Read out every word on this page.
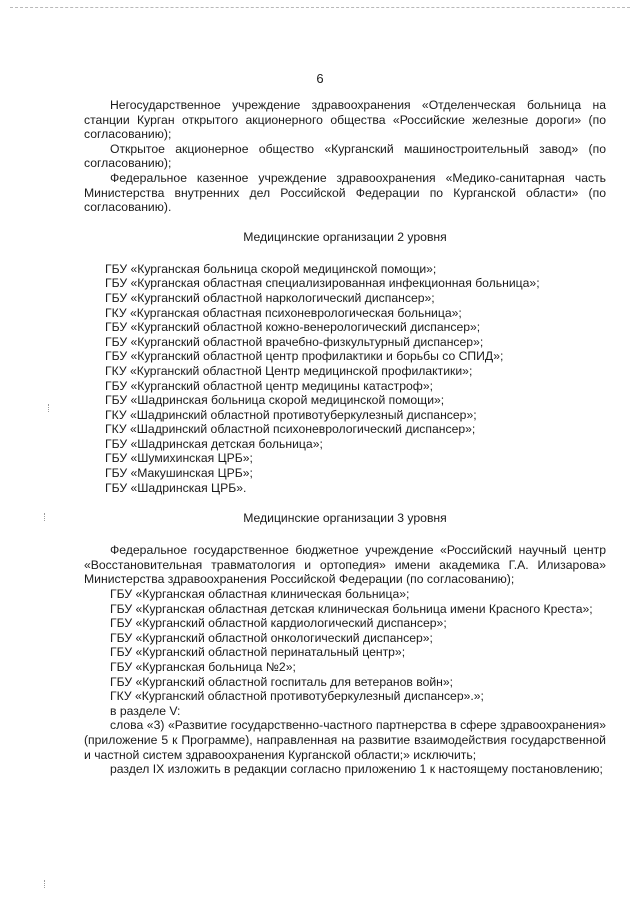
6

Негосударственное учреждение здравоохранения «Отделенческая больница на станции Курган открытого акционерного общества «Российские железные дороги» (по согласованию);

Открытое акционерное общество «Курганский машиностроительный завод» (по согласованию);

Федеральное казенное учреждение здравоохранения «Медико-санитарная часть Министерства внутренних дел Российской Федерации по Курганской области» (по согласованию).

Медицинские организации 2 уровня
ГБУ «Курганская больница скорой медицинской помощи»;
ГБУ «Курганская областная специализированная инфекционная больница»;
ГБУ «Курганский областной наркологический диспансер»;
ГКУ «Курганская областная психоневрологическая больница»;
ГБУ «Курганский областной кожно-венерологический диспансер»;
ГБУ «Курганский областной врачебно-физкультурный диспансер»;
ГБУ «Курганский областной центр профилактики и борьбы со СПИД»;
ГКУ «Курганский областной Центр медицинской профилактики»;
ГБУ «Курганский областной центр медицины катастроф»;
ГБУ «Шадринская больница скорой медицинской помощи»;
ГКУ «Шадринский областной противотуберкулезный диспансер»;
ГКУ «Шадринский областной психоневрологический диспансер»;
ГБУ «Шадринская детская больница»;
ГБУ «Шумихинская ЦРБ»;
ГБУ «Макушинская ЦРБ»;
ГБУ «Шадринская ЦРБ».
Медицинские организации 3 уровня

Федеральное государственное бюджетное учреждение «Российский научный центр «Восстановительная травматология и ортопедия» имени академика Г.А. Илизарова» Министерства здравоохранения Российской Федерации (по согласованию);

ГБУ «Курганская областная клиническая больница»;

ГБУ «Курганская областная детская клиническая больница имени Красного Креста»;

ГБУ «Курганский областной кардиологический диспансер»;

ГБУ «Курганский областной онкологический диспансер»;

ГБУ «Курганский областной перинатальный центр»;

ГБУ «Курганская больница №2»;

ГБУ «Курганский областной госпиталь для ветеранов войн»;

ГКУ «Курганский областной противотуберкулезный диспансер».»;

в разделе V:

слова «3) «Развитие государственно-частного партнерства в сфере здравоохранения» (приложение 5 к Программе), направленная на развитие взаимодействия государственной и частной систем здравоохранения Курганской области;» исключить;

раздел IX изложить в редакции согласно приложению 1 к настоящему постановлению;
